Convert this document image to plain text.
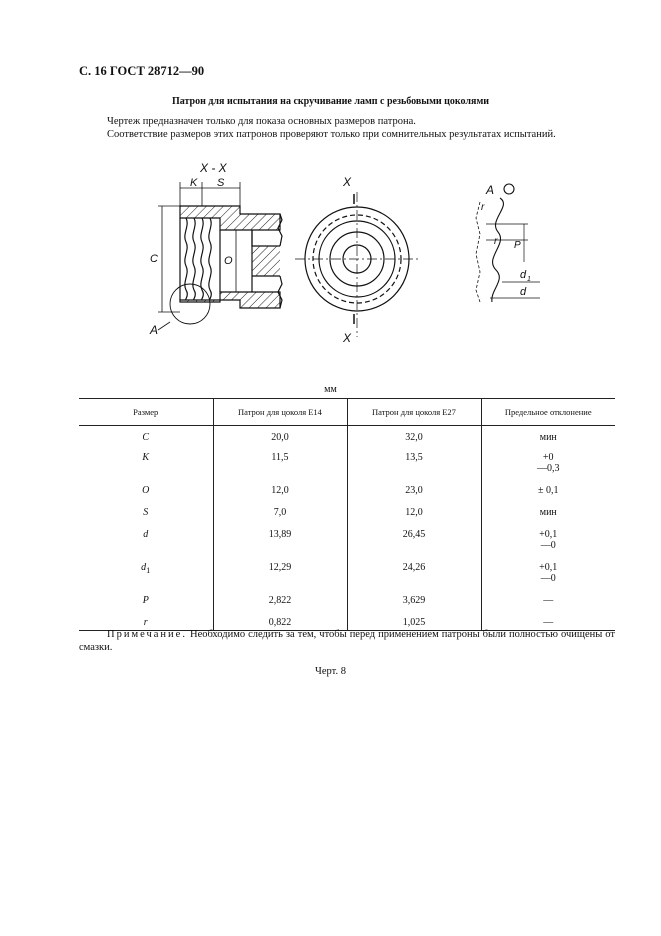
С. 16 ГОСТ 28712—90
Патрон для испытания на скручивание ламп с резьбовыми цоколями
Чертеж предназначен только для показа основных размеров патрона.
Соответствие размеров этих патронов проверяют только при сомнительных результатах испытаний.
X - X
K S
C	O
A
X
X
A
P
r
r
d 1
d
мм
Размер	Патрон для цоколя Е14	Патрон для цоколя Е27	Предельное отклонение
C	20,0	32,0	мин

K	11,5	13,5	+0
—0,3

O	12,0	23,0	± 0,1

S	7,0	12,0	мин

d	13,89	26,45	+0,1
—0

$d_1$	12,29	24,26	+0,1
—0

P	2,822	3,629	—

r	0,822	1,025	—
Примечание. Необходимо следить за тем, чтобы перед применением патроны были полностью очищены от смазки.
Черт. 8
